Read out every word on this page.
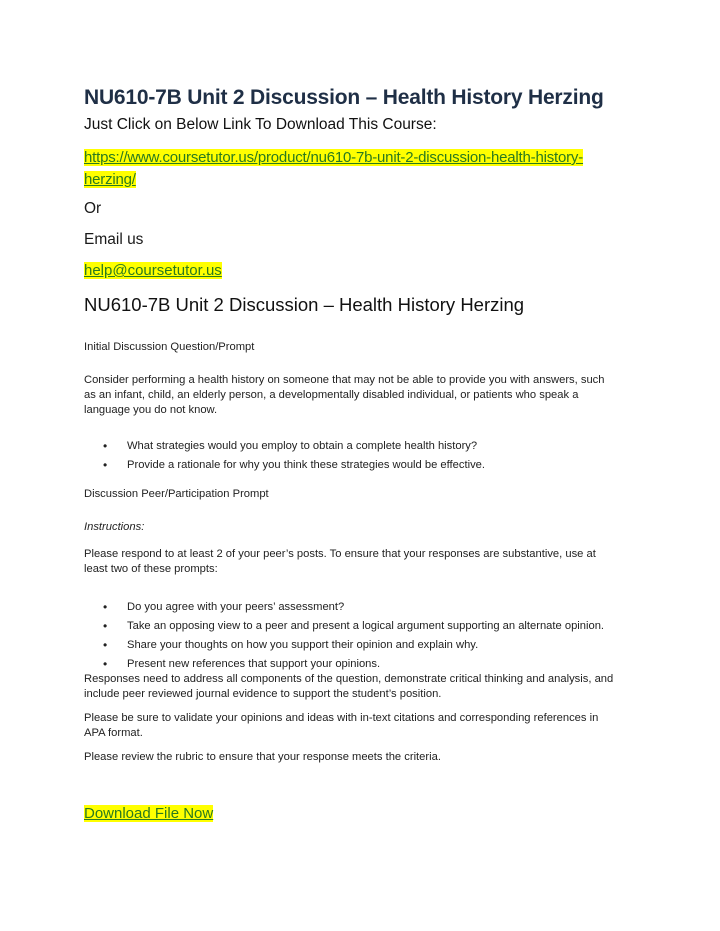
NU610-7B Unit 2 Discussion – Health History Herzing
Just Click on Below Link To Download This Course:
https://www.coursetutor.us/product/nu610-7b-unit-2-discussion-health-history-
herzing/
Or
Email us
help@coursetutor.us
NU610-7B Unit 2 Discussion – Health History Herzing
Initial Discussion Question/Prompt
Consider performing a health history on someone that may not be able to provide you with answers, such
as an infant, child, an elderly person, a developmentally disabled individual, or patients who speak a
language you do not know.
• What strategies would you employ to obtain a complete health history?
• Provide a rationale for why you think these strategies would be effective.
Discussion Peer/Participation Prompt
Instructions:
Please respond to at least 2 of your peer’s posts. To ensure that your responses are substantive, use at
least two of these prompts:
• Do you agree with your peers’ assessment?
• Take an opposing view to a peer and present a logical argument supporting an alternate opinion.
• Share your thoughts on how you support their opinion and explain why.
• Present new references that support your opinions.
Responses need to address all components of the question, demonstrate critical thinking and analysis, and
include peer reviewed journal evidence to support the student’s position.
Please be sure to validate your opinions and ideas with in-text citations and corresponding references in
APA format.
Please review the rubric to ensure that your response meets the criteria.
Download File Now
